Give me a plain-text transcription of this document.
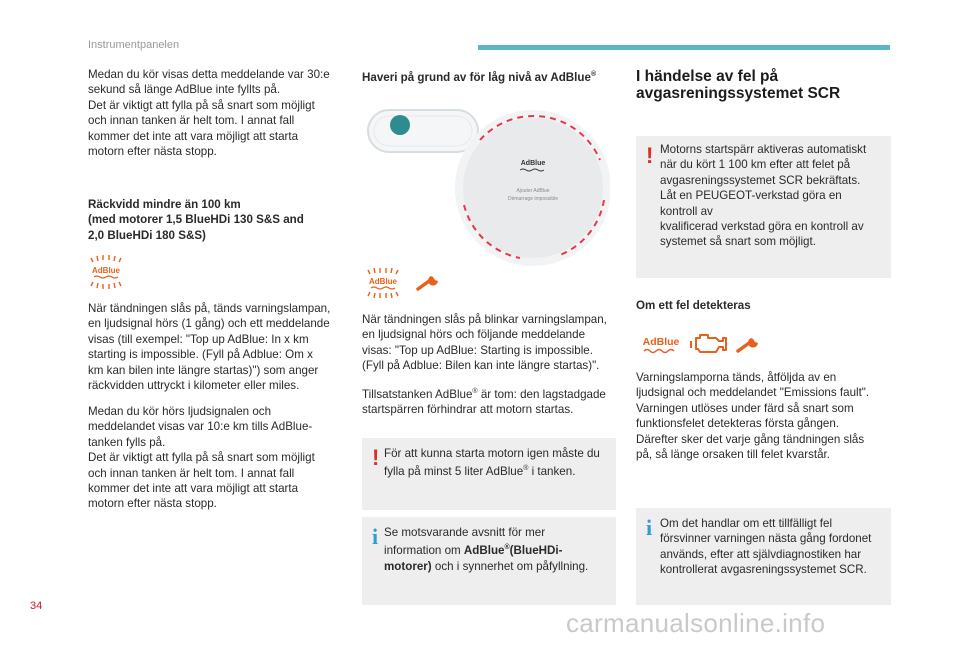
Instrumentpanelen

Medan du kör visas detta meddelande var 30:e

sekund så länge AdBlue inte fyllts på.

Det är viktigt att fylla på så snart som möjligt

och innan tanken är helt tom. I annat fall

kommer det inte att vara möjligt att starta

motorn efter nästa stopp.

Räckvidd mindre än 100 km

(med motorer 1,5 BlueHDi 130 S&S and

2,0 BlueHDi 180 S&S)

AdBlue

När tändningen slås på, tänds varningslampan,

en ljudsignal hörs (1 gång) och ett meddelande

visas (till exempel: "Top up AdBlue: In x km

starting is impossible. (Fyll på Adblue: Om x

km kan bilen inte längre startas)") som anger

räckvidden uttryckt i kilometer eller miles.

Medan du kör hörs ljudsignalen och

meddelandet visas var 10:e km tills AdBlue-

tanken fylls på.

Det är viktigt att fylla på så snart som möjligt

och innan tanken är helt tom. I annat fall

kommer det inte att vara möjligt att starta

motorn efter nästa stopp.

Haveri på grund av för låg nivå av AdBlue®
AdBlue
Ajouter AdBlue
Démarrage impossible
AdBlue

När tändningen slås på blinkar varningslampan,

en ljudsignal hörs och följande meddelande

visas: "Top up AdBlue: Starting is impossible.

(Fyll på Adblue: Bilen kan inte längre startas)".

Tillsatstanken AdBlue® är tom: den lagstadgade

startspärren förhindrar att motorn startas.

! För att kunna starta motorn igen måste du

fylla på minst 5 liter AdBlue® i tanken.

i Se motsvarande avsnitt för mer

information om AdBlue®(BlueHDi-

motorer) och i synnerhet om påfyllning.

I händelse av fel på
avgasreningssystemet SCR
! Motorns startspärr aktiveras automatiskt

när du kört 1 100 km efter att felet på

avgasreningssystemet SCR bekräftats.

Låt en PEUGEOT-verkstad göra en kontroll av

kvalificerad verkstad göra en kontroll av

systemet så snart som möjligt.

Om ett fel detekteras
AdBlue

Varningslamporna tänds, åtföljda av en

ljudsignal och meddelandet "Emissions fault".

Varningen utlöses under färd så snart som

funktionsfelet detekteras första gången.

Därefter sker det varje gång tändningen slås

på, så länge orsaken till felet kvarstår.

i Om det handlar om ett tillfälligt fel

försvinner varningen nästa gång fordonet

används, efter att självdiagnostiken har

kontrollerat avgasreningssystemet SCR.

34
carmanualsonline.info
